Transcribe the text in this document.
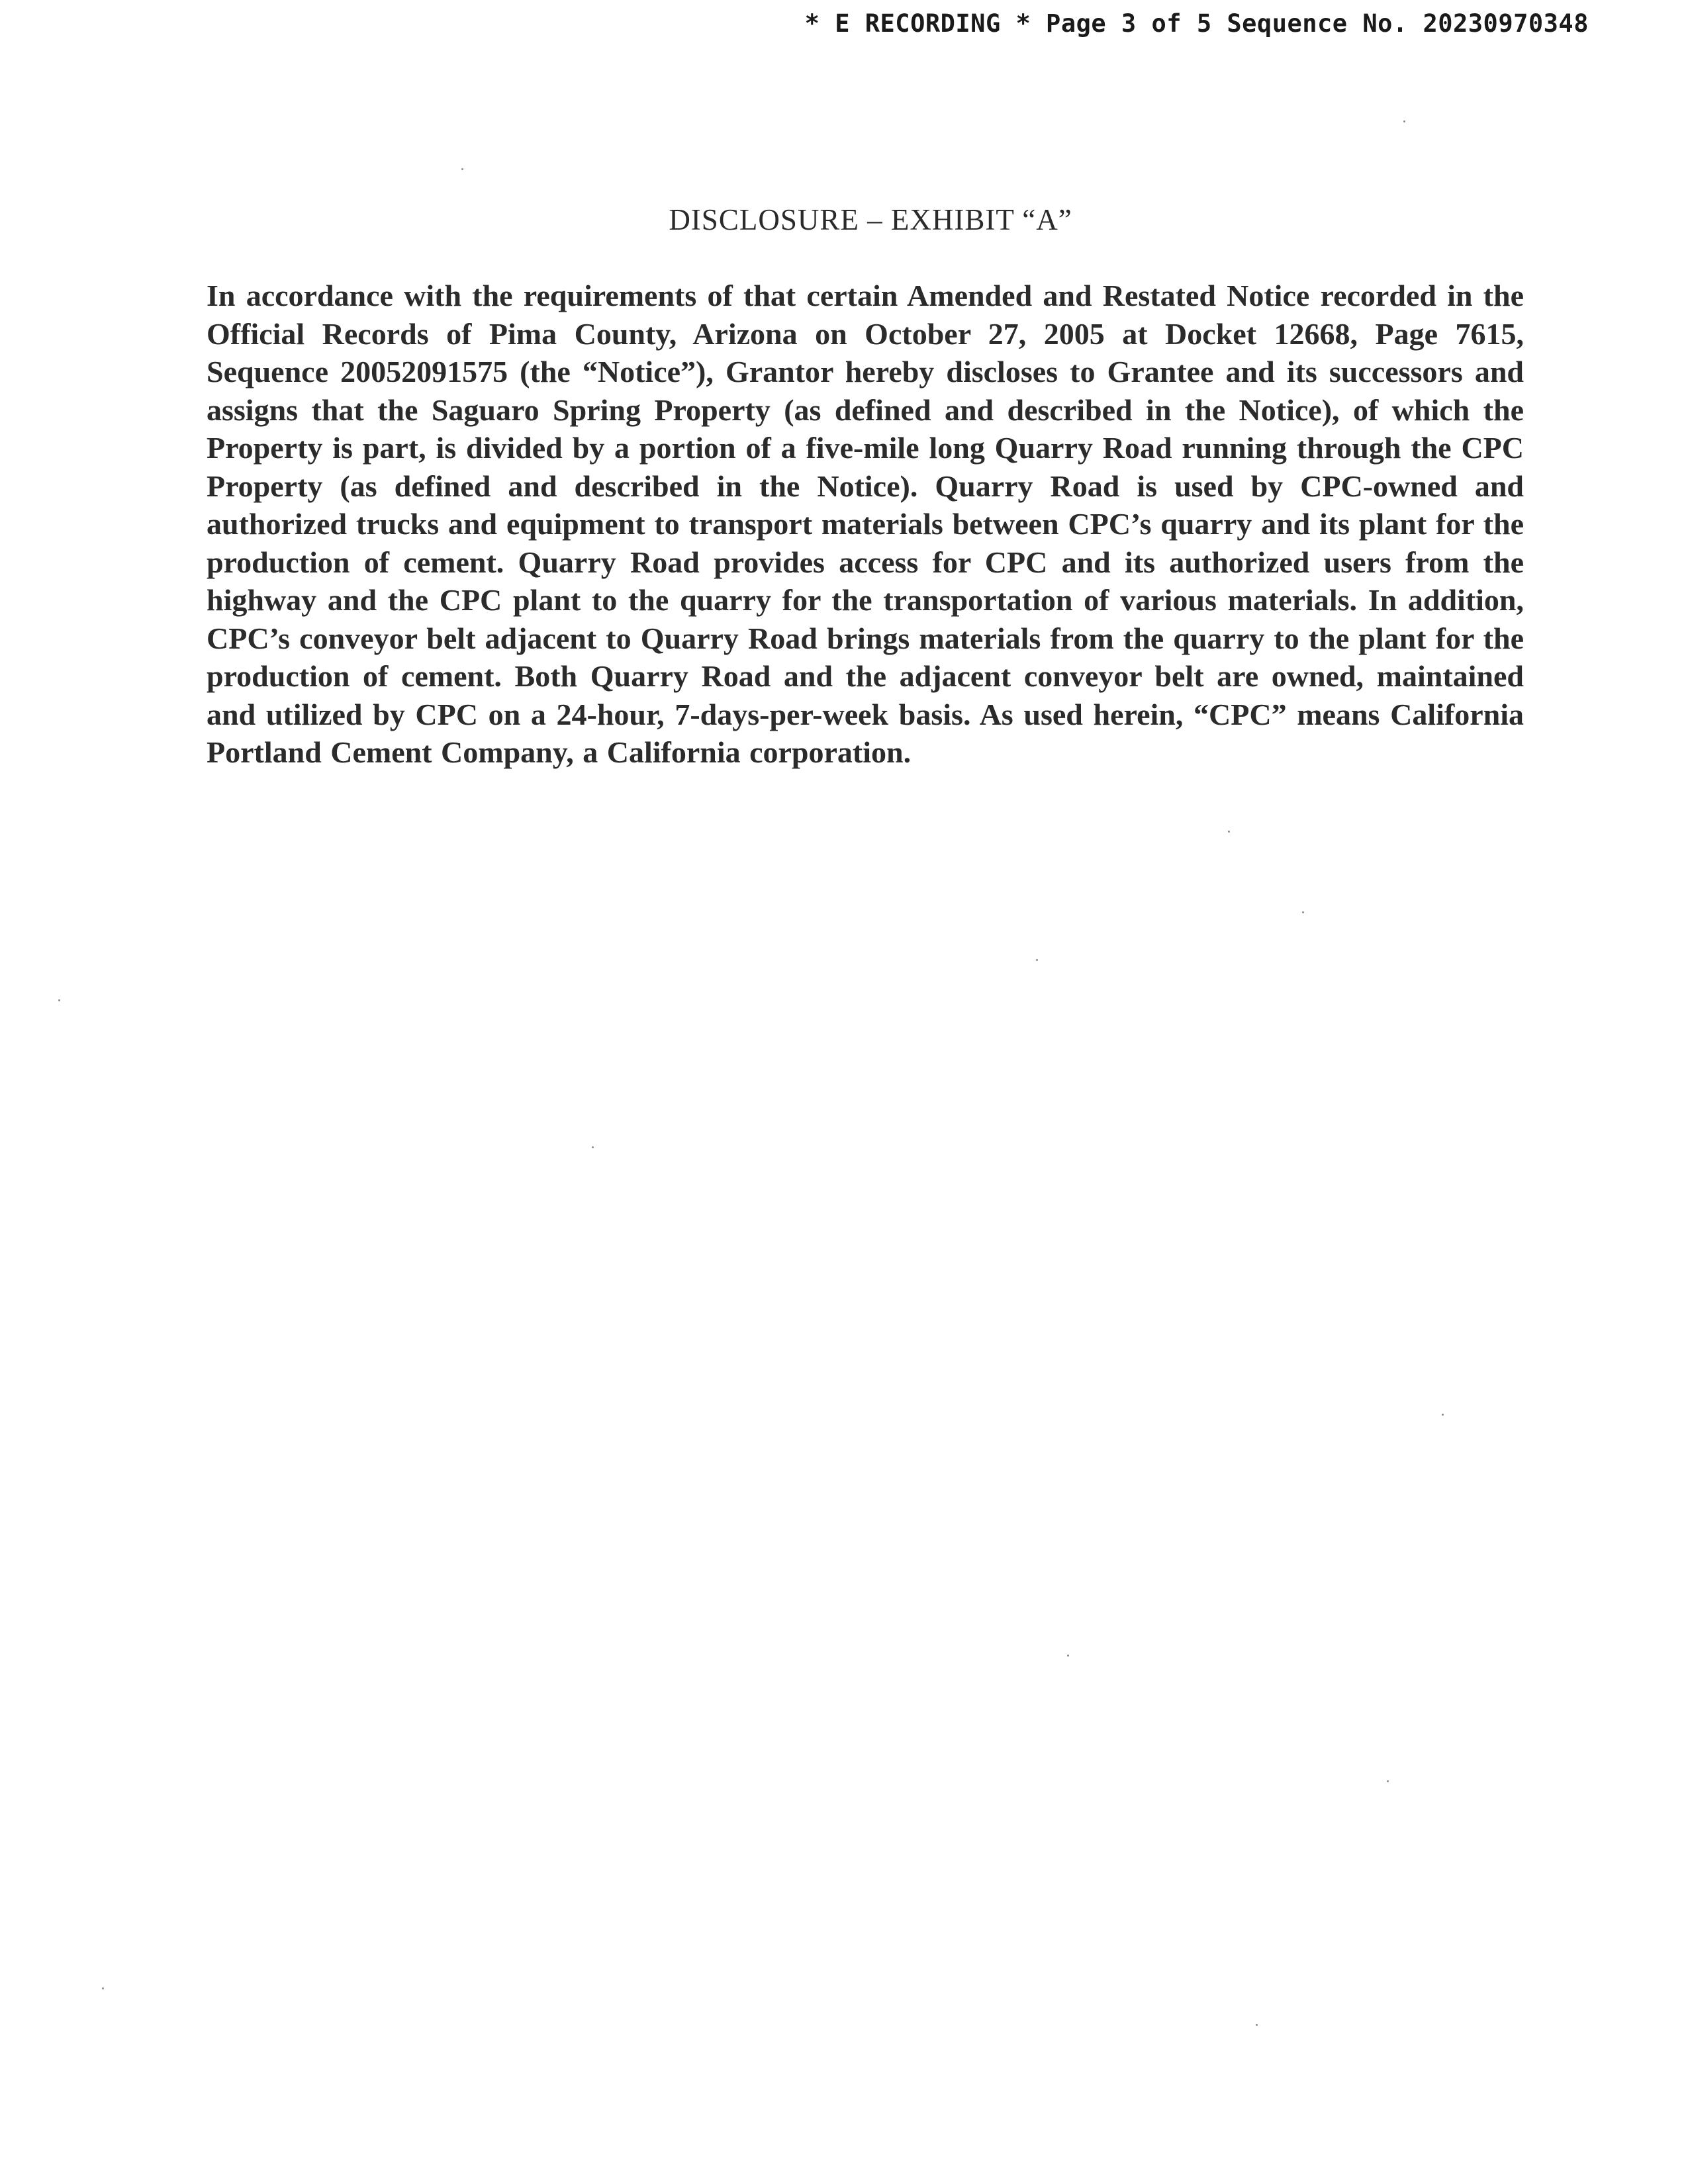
* E RECORDING * Page 3 of 5 Sequence No. 20230970348
DISCLOSURE – EXHIBIT “A”

In accordance with the requirements of that certain Amended and Restated Notice recorded in the Official Records of Pima County, Arizona on October 27, 2005 at Docket 12668, Page 7615, Sequence 20052091575 (the “Notice”), Grantor hereby discloses to Grantee and its successors and assigns that the Saguaro Spring Property (as defined and described in the Notice), of which the Property is part, is divided by a portion of a five-mile long Quarry Road running through the CPC Property (as defined and described in the Notice). Quarry Road is used by CPC-owned and authorized trucks and equipment to transport materials between CPC’s quarry and its plant for the production of cement. Quarry Road provides access for CPC and its authorized users from the highway and the CPC plant to the quarry for the transportation of various materials. In addition, CPC’s conveyor belt adjacent to Quarry Road brings materials from the quarry to the plant for the production of cement. Both Quarry Road and the adjacent conveyor belt are owned, maintained and utilized by CPC on a 24-hour, 7-days-per-week basis. As used herein, “CPC” means California Portland Cement Company, a California corporation.
